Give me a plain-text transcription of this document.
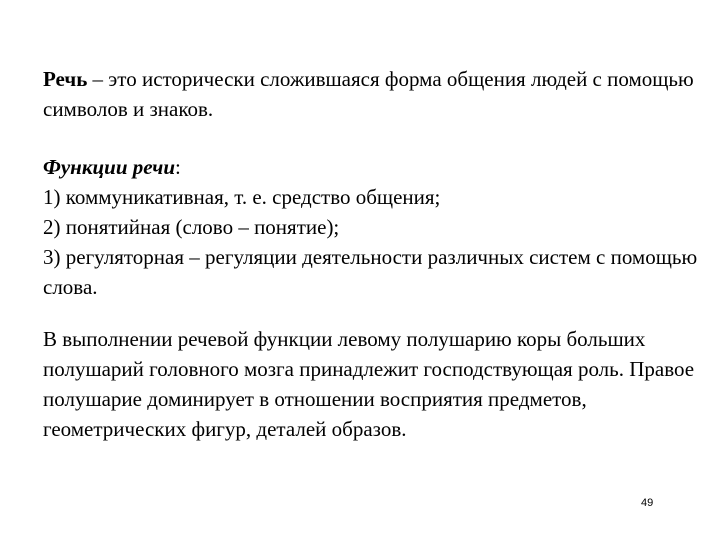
Речь – это исторически сложившаяся форма общения людей с помощью символов и знаков.

Функции речи:
1) коммуникативная, т. е. средство общения;
2) понятийная (слово – понятие);
3) регуляторная – регуляции деятельности различных систем с помощью слова.

В выполнении речевой функции левому полушарию коры больших полушарий головного мозга принадлежит господствующая роль. Правое полушарие доминирует в отношении восприятия предметов, геометрических фигур, деталей образов.

49
